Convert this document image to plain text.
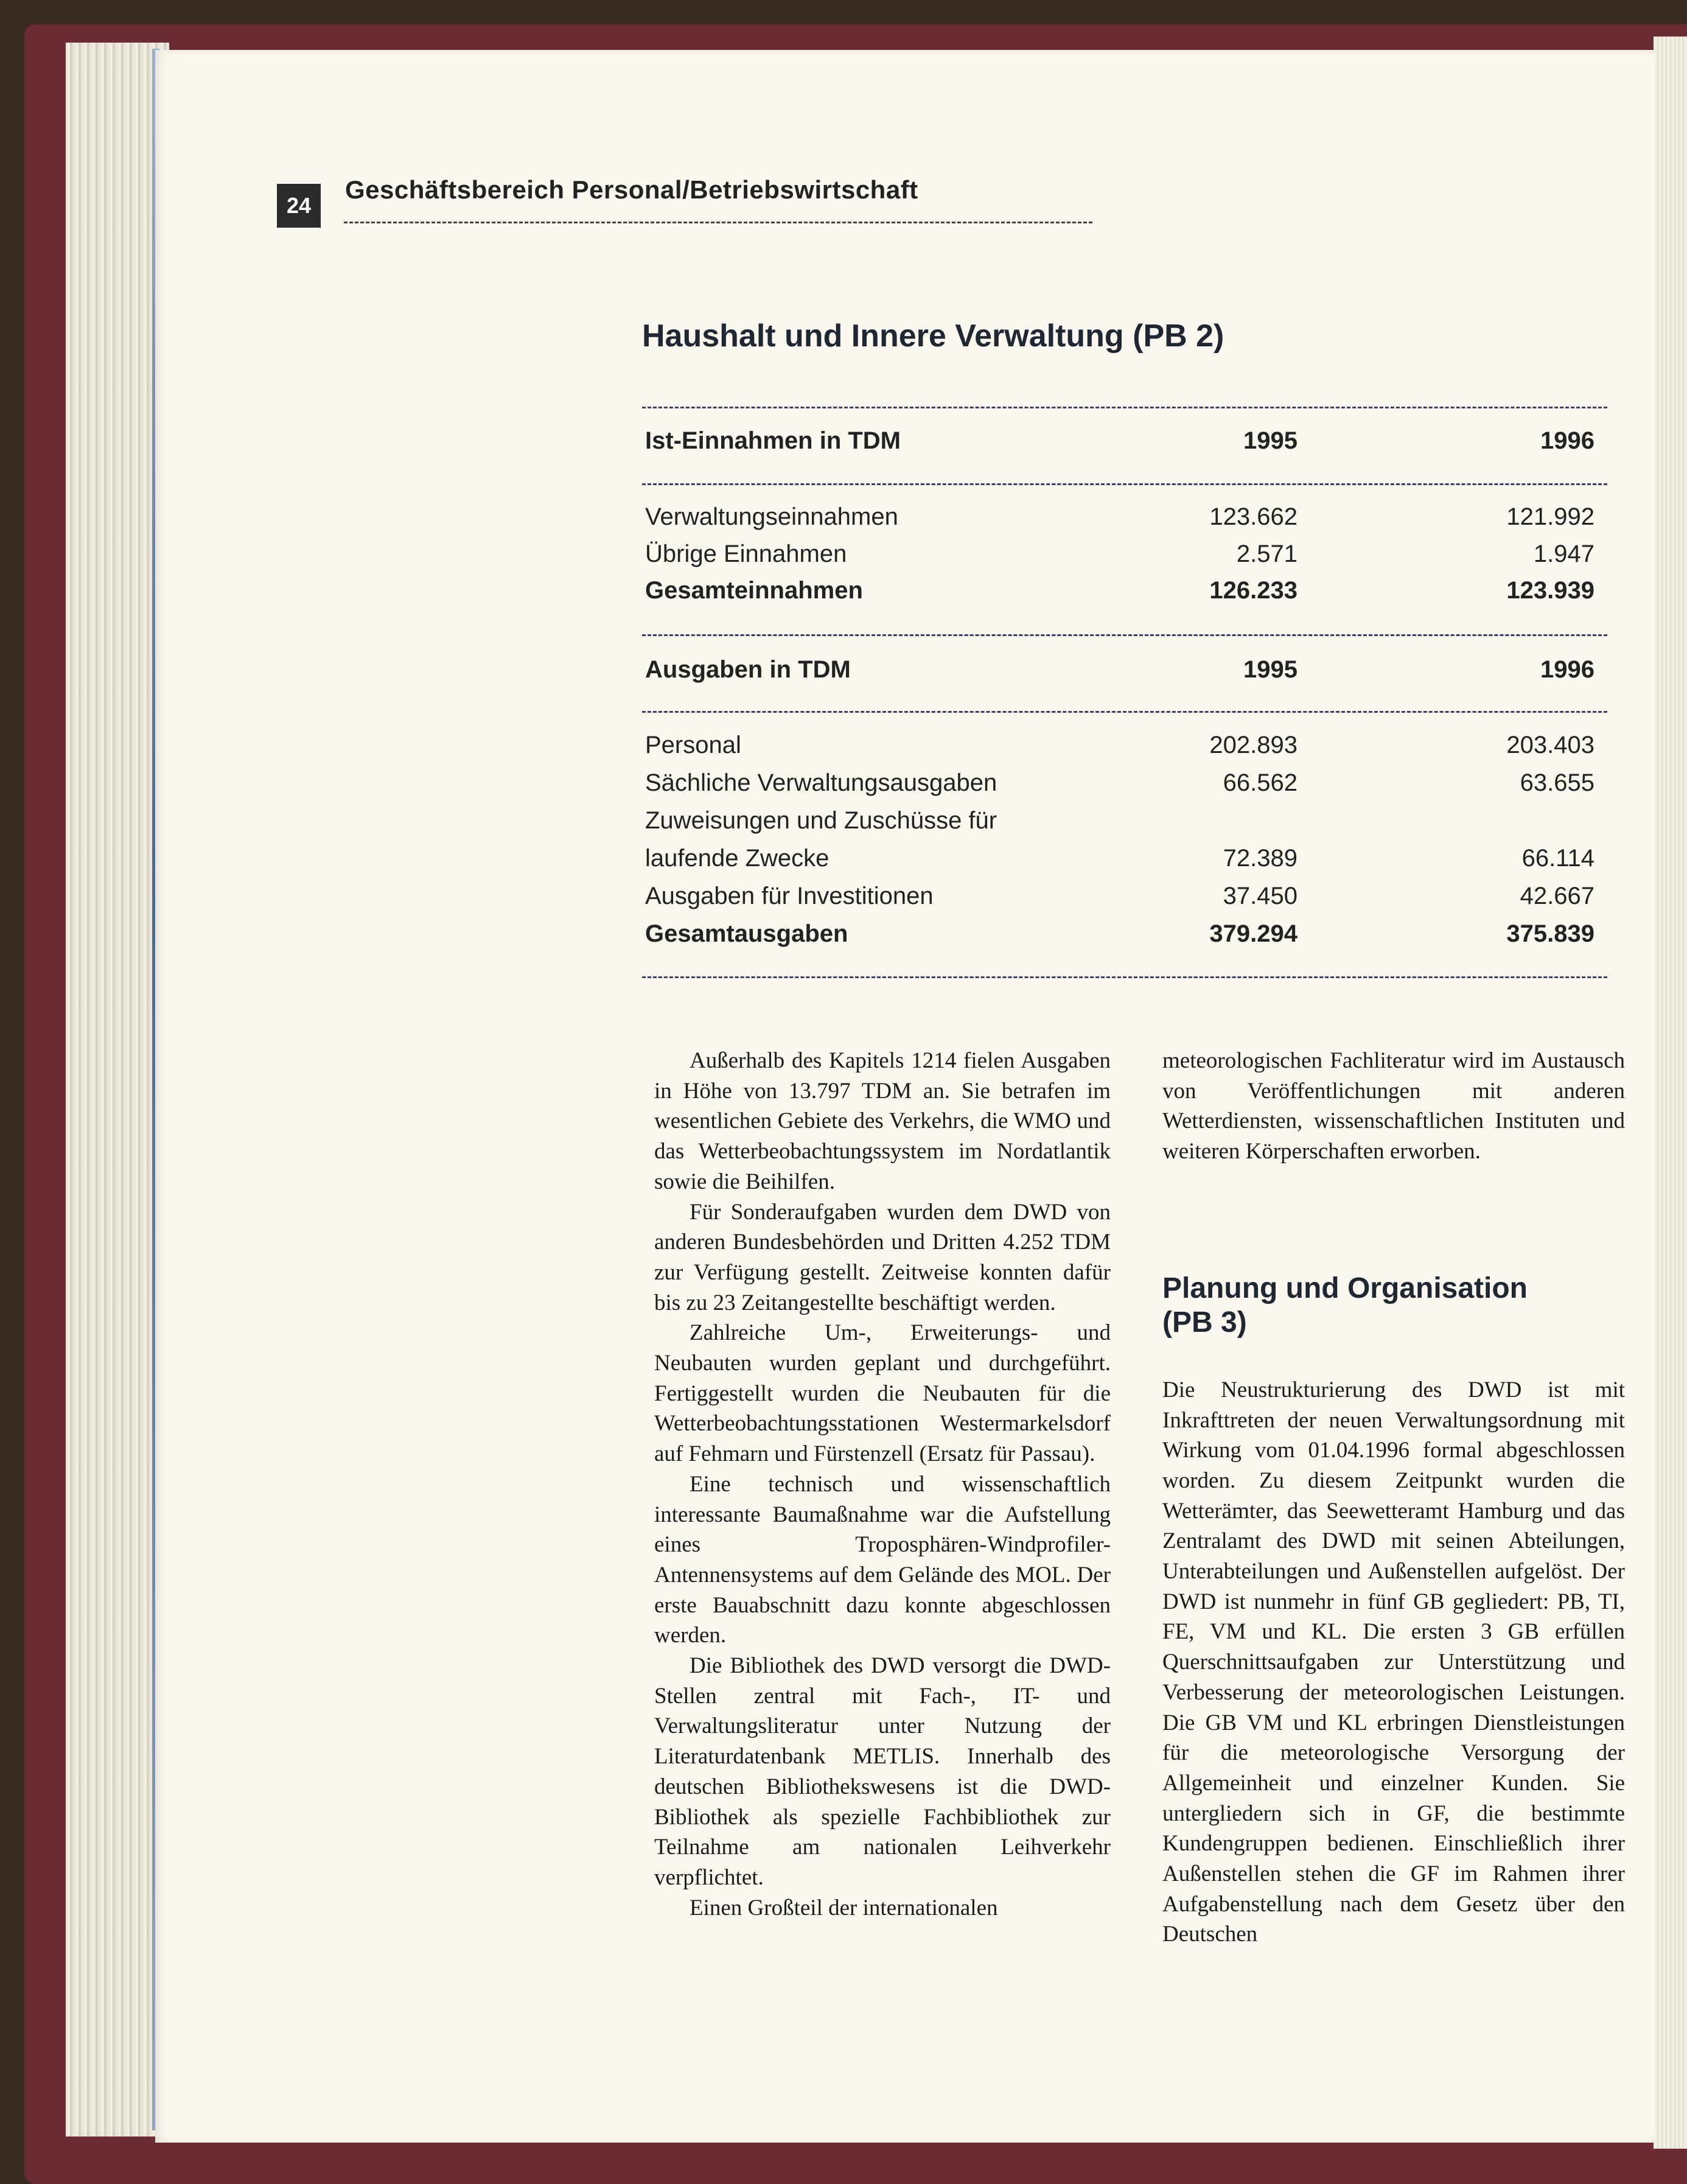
24
Geschäftsbereich Personal/Betriebswirtschaft
Haushalt und Innere Verwaltung (PB 2)
Ist-Einnahmen in TDM	1995	1996
Verwaltungseinnahmen	123.662	121.992
Übrige Einnahmen	2.571	1.947
Gesamteinnahmen	126.233	123.939
Ausgaben in TDM	1995	1996
Personal	202.893	203.403
Sächliche Verwaltungsausgaben	66.562	63.655
Zuweisungen und Zuschüsse für
laufende Zwecke	72.389	66.114
Ausgaben für Investitionen	37.450	42.667
Gesamtausgaben	379.294	375.839

Außerhalb des Kapitels 1214 fielen Ausgaben in Höhe von 13.797 TDM an. Sie betrafen im wesentlichen Gebiete des Verkehrs, die WMO und das Wetterbeobachtungssystem im Nordatlantik sowie die Beihilfen.

Für Sonderaufgaben wurden dem DWD von anderen Bundesbehörden und Dritten 4.252 TDM zur Verfügung gestellt. Zeitweise konnten dafür bis zu 23 Zeitangestellte beschäftigt werden.

Zahlreiche Um-, Erweiterungs- und Neubauten wurden geplant und durchgeführt. Fertiggestellt wurden die Neubauten für die Wetterbeobachtungsstationen Westermarkelsdorf auf Fehmarn und Fürstenzell (Ersatz für Passau).

Eine technisch und wissenschaftlich interessante Baumaßnahme war die Aufstellung eines Troposphären-Windprofiler-Antennensystems auf dem Gelände des MOL. Der erste Bauabschnitt dazu konnte abgeschlossen werden.

Die Bibliothek des DWD versorgt die DWD-Stellen zentral mit Fach-, IT- und Verwaltungsliteratur unter Nutzung der Literaturdatenbank METLIS. Innerhalb des deutschen Bibliothekswesens ist die DWD-Bibliothek als spezielle Fachbibliothek zur Teilnahme am nationalen Leihverkehr verpflichtet.

Einen Großteil der internationalen

meteorologischen Fachliteratur wird im Austausch von Veröffentlichungen mit anderen Wetterdiensten, wissenschaftlichen Instituten und weiteren Körperschaften erworben.

Planung und Organisation
(PB 3)

Die Neustrukturierung des DWD ist mit Inkrafttreten der neuen Verwaltungsordnung mit Wirkung vom 01.04.1996 formal abgeschlossen worden. Zu diesem Zeitpunkt wurden die Wetterämter, das Seewetteramt Hamburg und das Zentralamt des DWD mit seinen Abteilungen, Unterabteilungen und Außenstellen aufgelöst. Der DWD ist nunmehr in fünf GB gegliedert: PB, TI, FE, VM und KL. Die ersten 3 GB erfüllen Querschnittsaufgaben zur Unterstützung und Verbesserung der meteorologischen Leistungen. Die GB VM und KL erbringen Dienstleistungen für die meteorologische Versorgung der Allgemeinheit und einzelner Kunden. Sie untergliedern sich in GF, die bestimmte Kundengruppen bedienen. Einschließlich ihrer Außenstellen stehen die GF im Rahmen ihrer Aufgabenstellung nach dem Gesetz über den Deutschen
